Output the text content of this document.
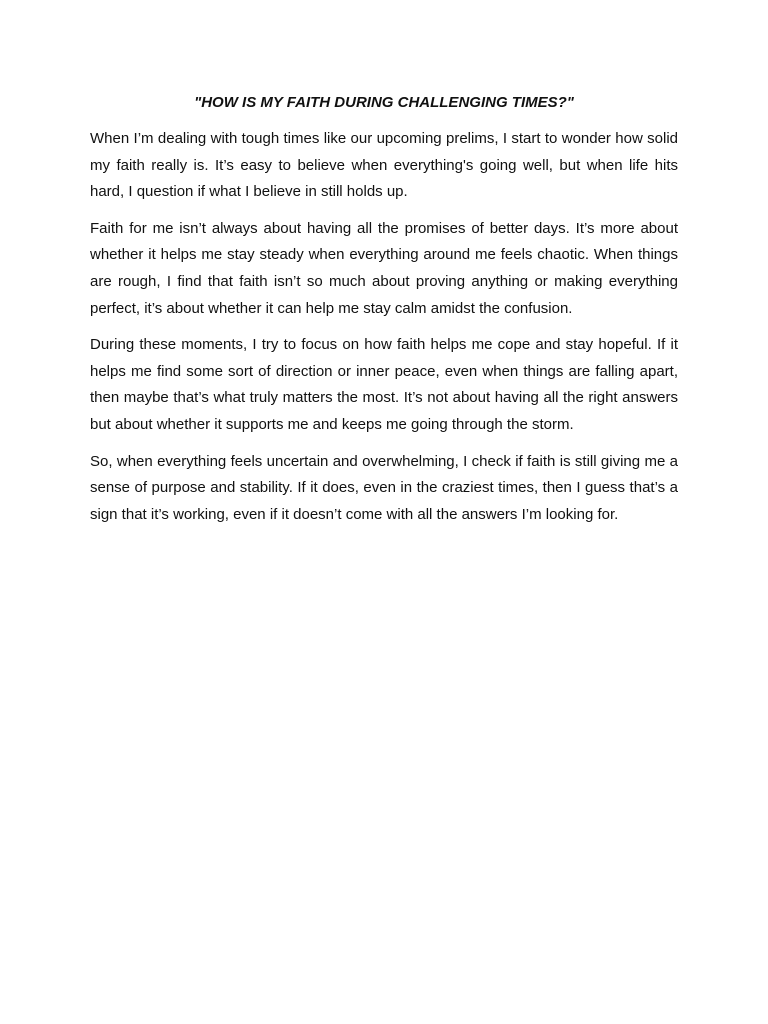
"HOW IS MY FAITH DURING CHALLENGING TIMES?"

When I’m dealing with tough times like our upcoming prelims, I start to wonder how solid my faith really is. It’s easy to believe when everything's going well, but when life hits hard, I question if what I believe in still holds up.

Faith for me isn’t always about having all the promises of better days. It’s more about whether it helps me stay steady when everything around me feels chaotic. When things are rough, I find that faith isn’t so much about proving anything or making everything perfect, it’s about whether it can help me stay calm amidst the confusion.

During these moments, I try to focus on how faith helps me cope and stay hopeful. If it helps me find some sort of direction or inner peace, even when things are falling apart, then maybe that’s what truly matters the most. It’s not about having all the right answers but about whether it supports me and keeps me going through the storm.

So, when everything feels uncertain and overwhelming, I check if faith is still giving me a sense of purpose and stability. If it does, even in the craziest times, then I guess that’s a sign that it’s working, even if it doesn’t come with all the answers I’m looking for.
